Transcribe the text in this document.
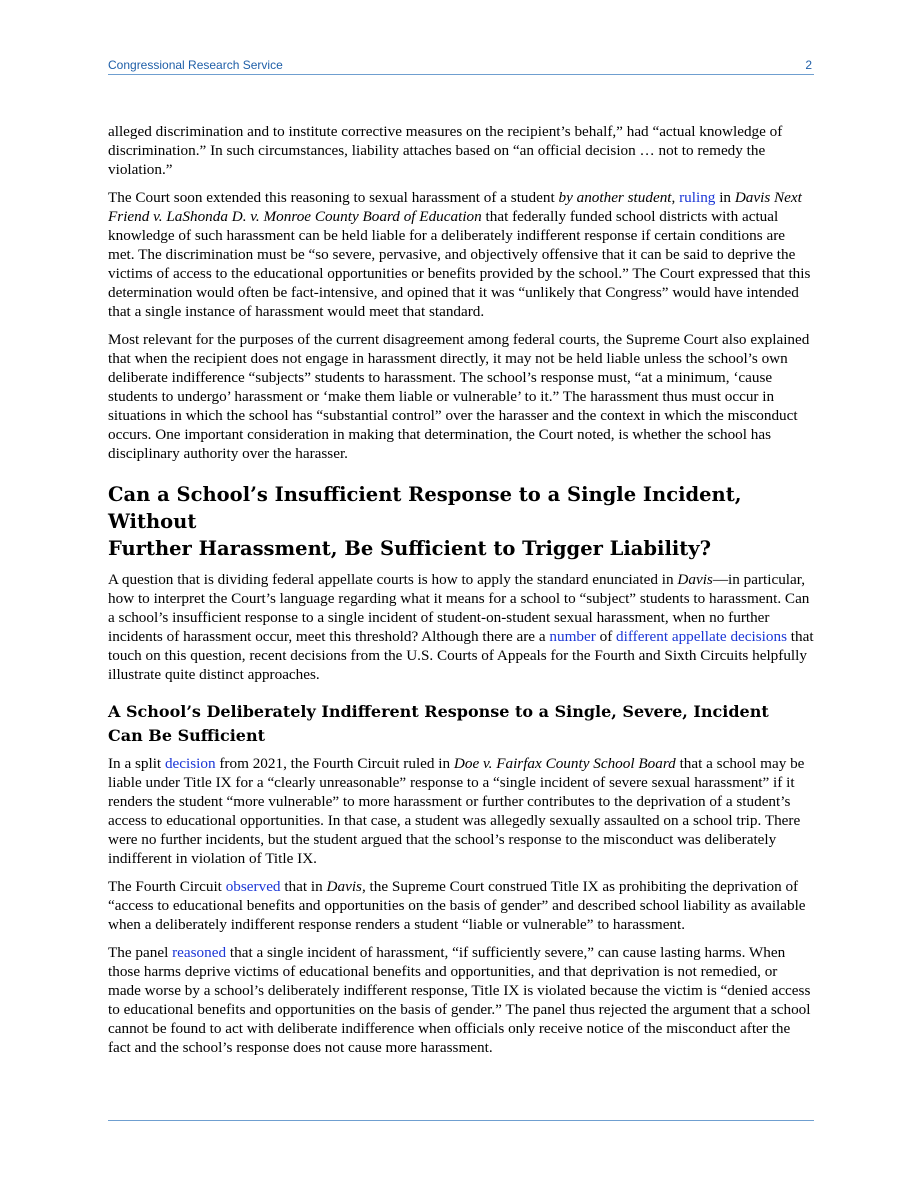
Congressional Research Service	2

alleged discrimination and to institute corrective measures on the recipient’s behalf,” had “actual knowledge of discrimination.” In such circumstances, liability attaches based on “an official decision … not to remedy the violation.”

The Court soon extended this reasoning to sexual harassment of a student by another student, ruling in Davis Next Friend v. LaShonda D. v. Monroe County Board of Education that federally funded school districts with actual knowledge of such harassment can be held liable for a deliberately indifferent response if certain conditions are met. The discrimination must be “so severe, pervasive, and objectively offensive that it can be said to deprive the victims of access to the educational opportunities or benefits provided by the school.” The Court expressed that this determination would often be fact-intensive, and opined that it was “unlikely that Congress” would have intended that a single instance of harassment would meet that standard.

Most relevant for the purposes of the current disagreement among federal courts, the Supreme Court also explained that when the recipient does not engage in harassment directly, it may not be held liable unless the school’s own deliberate indifference “subjects” students to harassment. The school’s response must, “at a minimum, ‘cause students to undergo’ harassment or ‘make them liable or vulnerable’ to it.” The harassment thus must occur in situations in which the school has “substantial control” over the harasser and the context in which the misconduct occurs. One important consideration in making that determination, the Court noted, is whether the school has disciplinary authority over the harasser.

Can a School’s Insufficient Response to a Single Incident, Without
Further Harassment, Be Sufficient to Trigger Liability?

A question that is dividing federal appellate courts is how to apply the standard enunciated in Davis—in particular, how to interpret the Court’s language regarding what it means for a school to “subject” students to harassment. Can a school’s insufficient response to a single incident of student-on-student sexual harassment, when no further incidents of harassment occur, meet this threshold? Although there are a number of different appellate decisions that touch on this question, recent decisions from the U.S. Courts of Appeals for the Fourth and Sixth Circuits helpfully illustrate quite distinct approaches.

A School’s Deliberately Indifferent Response to a Single, Severe, Incident
Can Be Sufficient

In a split decision from 2021, the Fourth Circuit ruled in Doe v. Fairfax County School Board that a school may be liable under Title IX for a “clearly unreasonable” response to a “single incident of severe sexual harassment” if it renders the student “more vulnerable” to more harassment or further contributes to the deprivation of a student’s access to educational opportunities. In that case, a student was allegedly sexually assaulted on a school trip. There were no further incidents, but the student argued that the school’s response to the misconduct was deliberately indifferent in violation of Title IX.

The Fourth Circuit observed that in Davis, the Supreme Court construed Title IX as prohibiting the deprivation of “access to educational benefits and opportunities on the basis of gender” and described school liability as available when a deliberately indifferent response renders a student “liable or vulnerable” to harassment.

The panel reasoned that a single incident of harassment, “if sufficiently severe,” can cause lasting harms. When those harms deprive victims of educational benefits and opportunities, and that deprivation is not remedied, or made worse by a school’s deliberately indifferent response, Title IX is violated because the victim is “denied access to educational benefits and opportunities on the basis of gender.” The panel thus rejected the argument that a school cannot be found to act with deliberate indifference when officials only receive notice of the misconduct after the fact and the school’s response does not cause more harassment.
